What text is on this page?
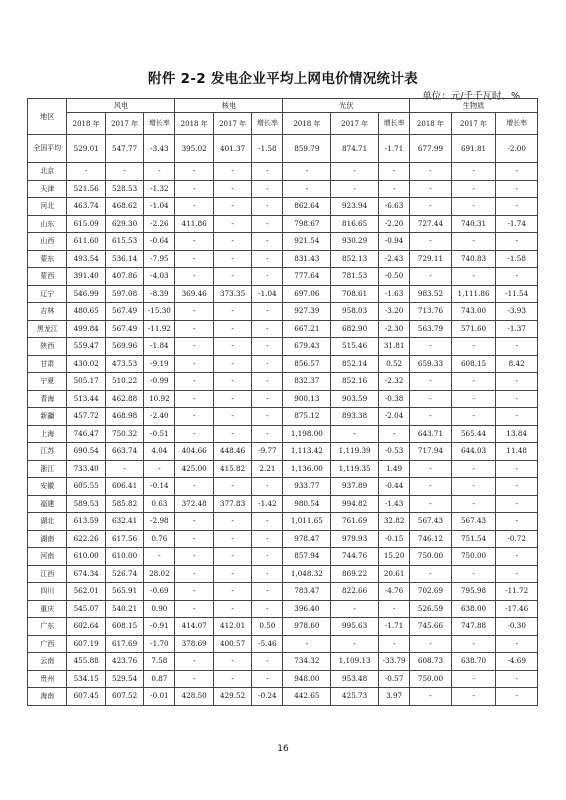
附件 2-2 发电企业平均上网电价情况统计表
单位：元/千千瓦时、%
地区	风电			核电			光伏			生物质		
	2018 年	2017 年	增长率	2018 年	2017 年	增长率	2018 年	2017 年	增长率	2018 年	2017 年	增长率
全国平均	529.01	547.77	-3.43	395.02	401.37	-1.58	859.79	874.71	-1.71	677.99	691.81	-2.00
北京	-	-	-	-	-	-	-	-	-	-	-	-
天津	521.56	528.53	-1.32	-	-	-	-	-	-	-	-	-
河北	463.74	468.62	-1.04	-	-	-	862.64	923.94	-6.63	-	-	-
山东	615.09	629.30	-2.26	411.86	-	-	798.67	816.65	-2.20	727.44	740.31	-1.74
山西	611.60	615.53	-0.64	-	-	-	921.54	930.29	-0.94	-	-	-
蒙东	493.54	536.14	-7.95	-	-	-	831.43	852.13	-2.43	729.11	740.83	-1.58
蒙西	391.40	407.86	-4.03	-	-	-	777.64	781.53	-0.50	-	-	-
辽宁	546.99	597.08	-8.39	369.46	373.35	-1.04	697.06	708.61	-1.63	983.52	1,111.86	-11.54
吉林	480.65	567.49	-15.30	-	-	-	927.39	958.03	-3.20	713.76	743.00	-3.93
黑龙江	499.84	567.49	-11.92	-	-	-	667.21	682.90	-2.30	563.79	571.60	-1.37
陕西	559.47	569.96	-1.84	-	-	-	679.43	515.46	31.81	-	-	-
甘肃	430.02	473.53	-9.19	-	-	-	856.57	852.14	0.52	659.33	608.15	8.42
宁夏	505.17	510.22	-0.99	-	-	-	832.37	852.16	-2.32	-	-	-
青海	513.44	462.88	10.92	-	-	-	900.13	903.59	-0.38	-	-	-
新疆	457.72	468.98	-2.40	-	-	-	875.12	893.38	-2.04	-	-	-
上海	746.47	750.32	-0.51	-	-	-	1,198.00	-	-	643.71	565.44	13.84
江苏	690.54	663.74	4.04	404.66	448.46	-9.77	1,113.42	1,119.39	-0.53	717.94	644.03	11.48
浙江	733.40	-	-	425.00	415.82	2.21	1,136.00	1,119.35	1.49	-	-	-
安徽	605.55	606.41	-0.14	-	-	-	933.77	937.89	-0.44	-	-	-
福建	589.53	585.82	0.63	372.48	377.83	-1.42	980.54	994.82	-1.43	-	-	-
湖北	613.59	632.41	-2.98	-	-	-	1,011.65	761.69	32.82	567.43	567.43	-
湖南	622.26	617.56	0.76	-	-	-	978.47	979.93	-0.15	746.12	751.54	-0.72
河南	610.00	610.00	-	-	-	-	857.94	744.76	15.20	750.00	750.00	-
江西	674.34	526.74	28.02	-	-	-	1,048.32	869.22	20.61	-	-	-
四川	562.01	565.91	-0.69	-	-	-	783.47	822.66	-4.76	702.69	795.98	-11.72
重庆	545.07	540.21	0.90	-	-	-	396.40	-	-	526.59	638.00	-17.46
广东	602.64	608.15	-0.91	414.07	412.01	0.50	978.60	995.63	-1.71	745.66	747.88	-0.30
广西	607.19	617.69	-1.70	378.69	400.57	-5.46	-	-	-	-	-	-
云南	455.88	423.76	7.58	-	-	-	734.32	1,109.13	-33.79	608.73	638.70	-4.69
贵州	534.15	529.54	0.87	-	-	-	948.00	953.48	-0.57	750.00	-	-
海南	607.45	607.52	-0.01	428.50	429.52	-0.24	442.65	425.73	3.97	-	-	-
16
